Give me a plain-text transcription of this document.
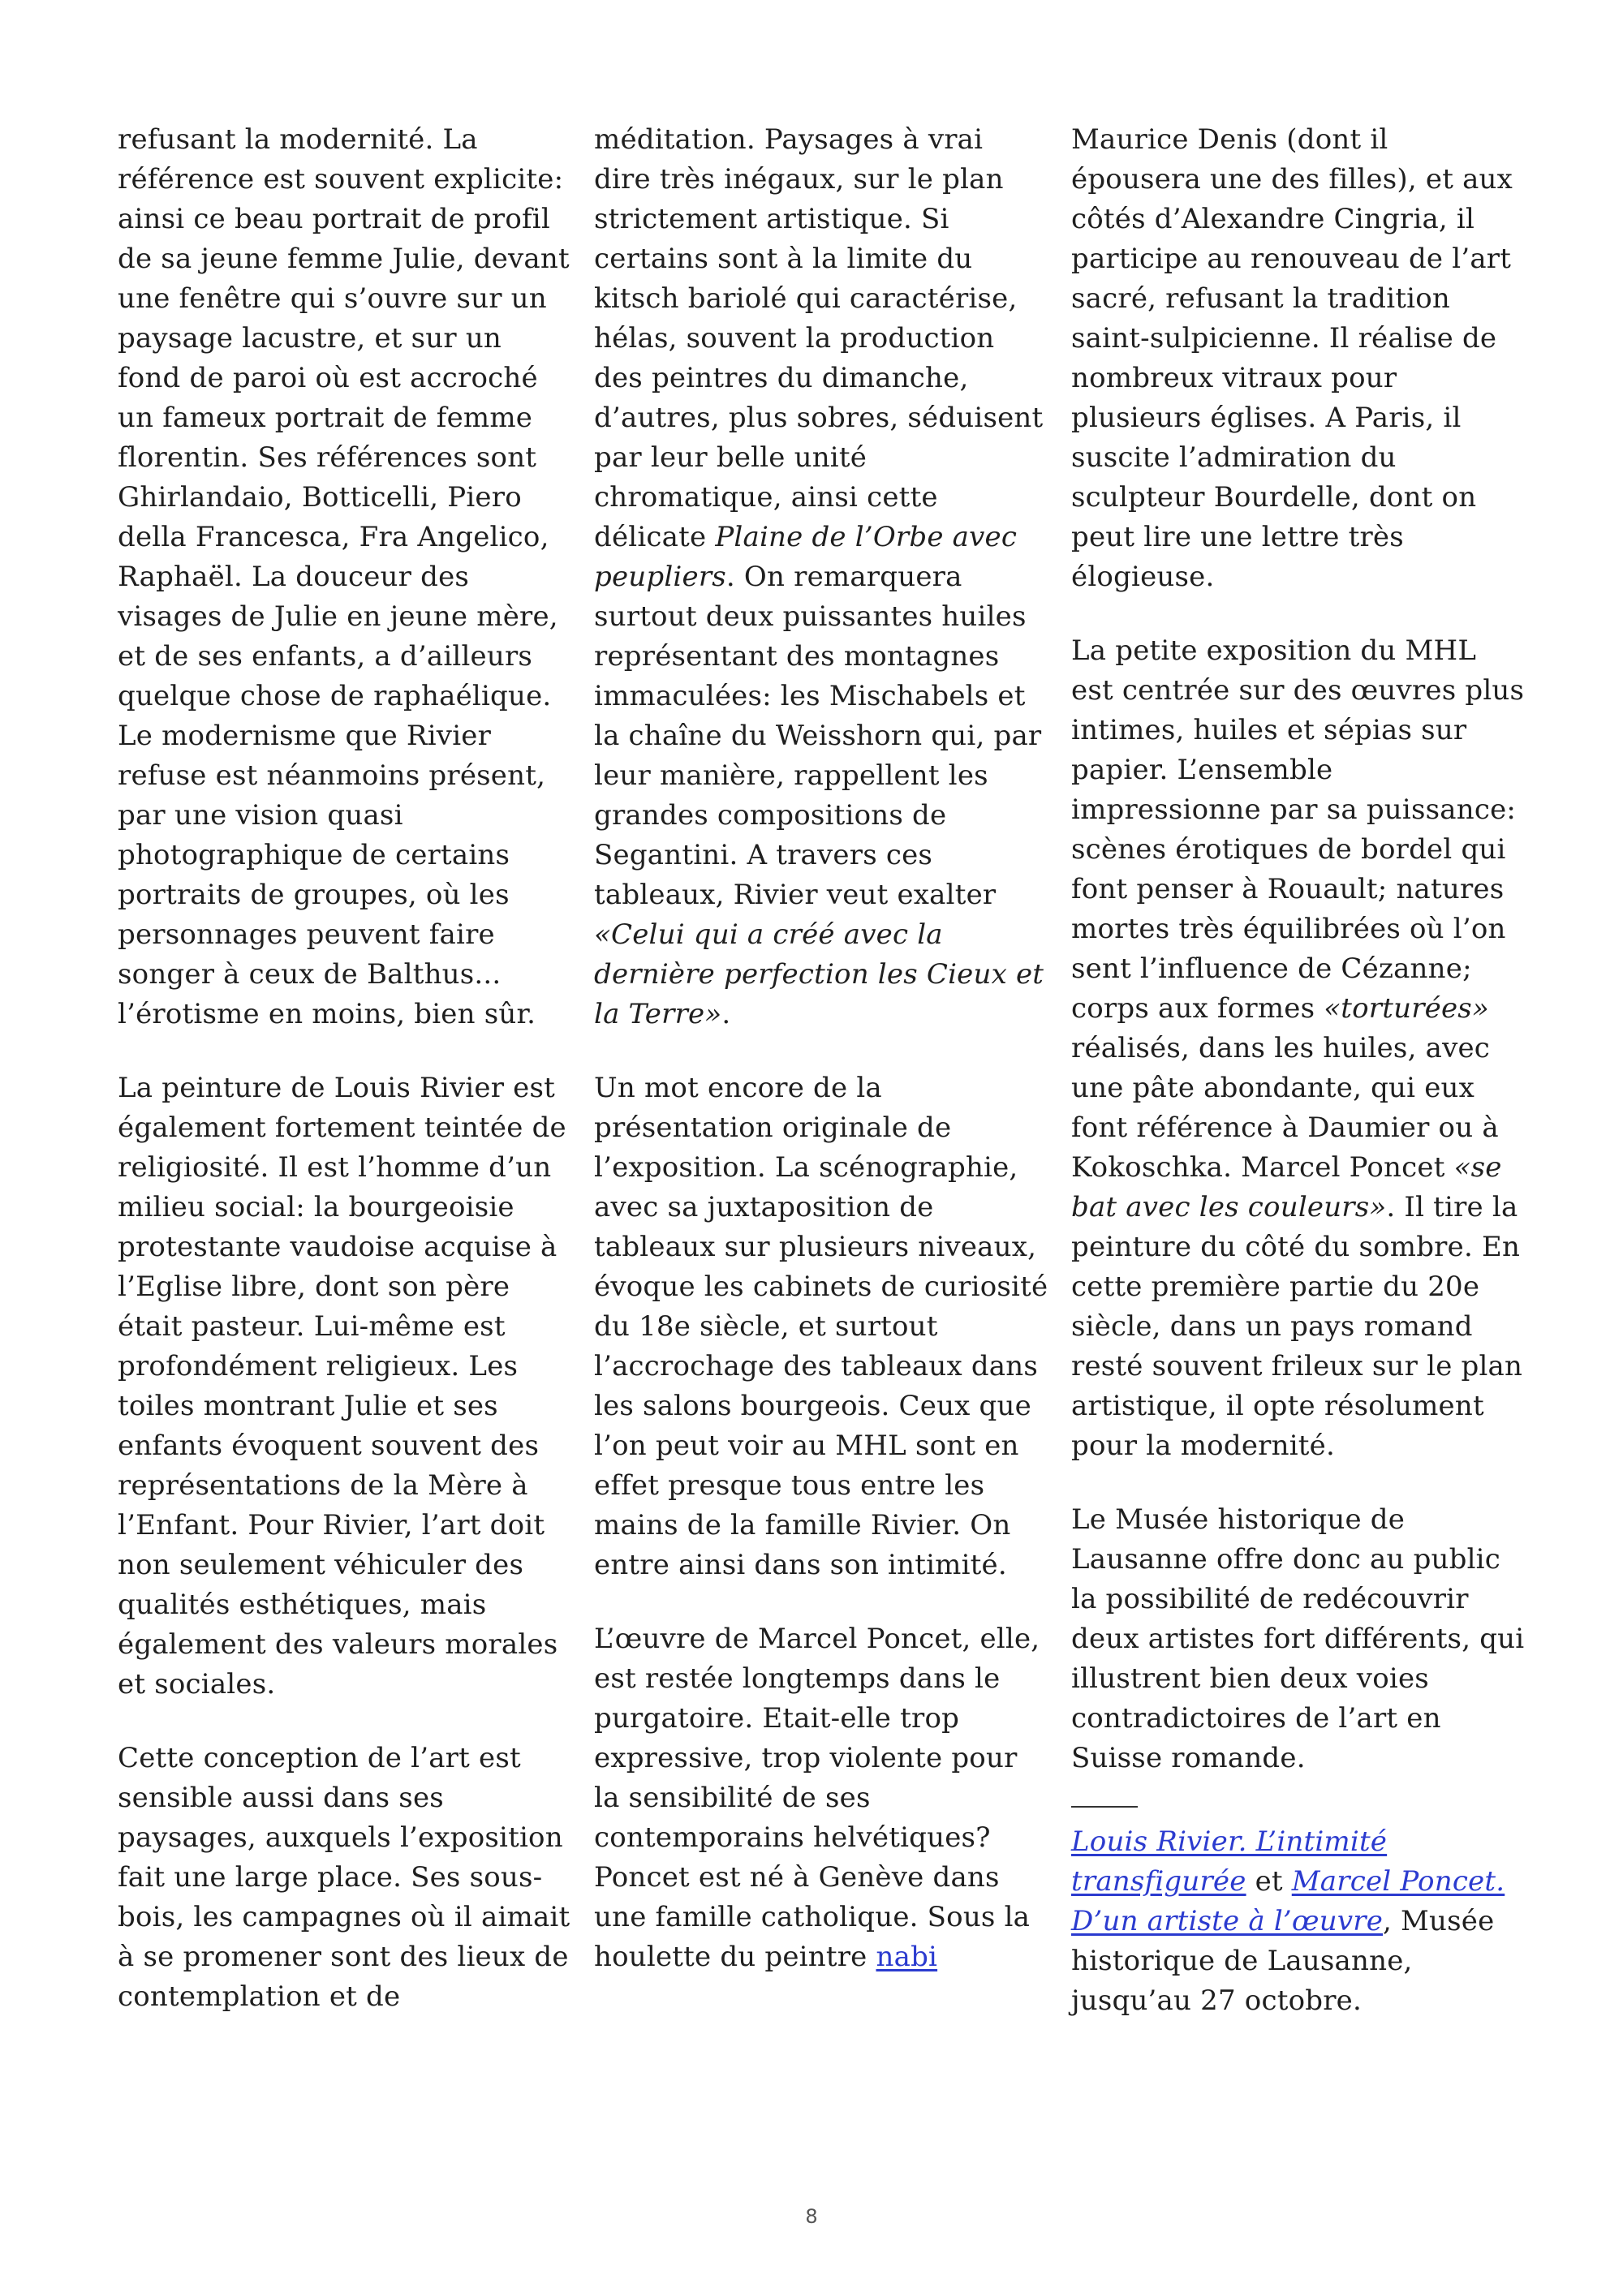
refusant la modernité. La référence est souvent explicite: ainsi ce beau portrait de profil de sa jeune femme Julie, devant une fenêtre qui s’ouvre sur un paysage lacustre, et sur un fond de paroi où est accroché un fameux portrait de femme florentin. Ses références sont Ghirlandaio, Botticelli, Piero della Francesca, Fra Angelico, Raphaël. La douceur des visages de Julie en jeune mère, et de ses enfants, a d’ailleurs quelque chose de raphaélique. Le modernisme que Rivier refuse est néanmoins présent, par une vision quasi photographique de certains portraits de groupes, où les personnages peuvent faire songer à ceux de Balthus... l’érotisme en moins, bien sûr.

La peinture de Louis Rivier est également fortement teintée de religiosité. Il est l’homme d’un milieu social: la bourgeoisie protestante vaudoise acquise à l’Eglise libre, dont son père était pasteur. Lui-même est profondément religieux. Les toiles montrant Julie et ses enfants évoquent souvent des représentations de la Mère à l’Enfant. Pour Rivier, l’art doit non seulement véhiculer des qualités esthétiques, mais également des valeurs morales et sociales.

Cette conception de l’art est sensible aussi dans ses paysages, auxquels l’exposition fait une large place. Ses sous-bois, les campagnes où il aimait à se promener sont des lieux de contemplation et de

méditation. Paysages à vrai dire très inégaux, sur le plan strictement artistique. Si certains sont à la limite du kitsch bariolé qui caractérise, hélas, souvent la production des peintres du dimanche, d’autres, plus sobres, séduisent par leur belle unité chromatique, ainsi cette délicate Plaine de l’Orbe avec peupliers. On remarquera surtout deux puissantes huiles représentant des montagnes immaculées: les Mischabels et la chaîne du Weisshorn qui, par leur manière, rappellent les grandes compositions de Segantini. A travers ces tableaux, Rivier veut exalter «Celui qui a créé avec la dernière perfection les Cieux et la Terre».

Un mot encore de la présentation originale de l’exposition. La scénographie, avec sa juxtaposition de tableaux sur plusieurs niveaux, évoque les cabinets de curiosité du 18e siècle, et surtout l’accrochage des tableaux dans les salons bourgeois. Ceux que l’on peut voir au MHL sont en effet presque tous entre les mains de la famille Rivier. On entre ainsi dans son intimité.

L’œuvre de Marcel Poncet, elle, est restée longtemps dans le purgatoire. Etait-elle trop expressive, trop violente pour la sensibilité de ses contemporains helvétiques? Poncet est né à Genève dans une famille catholique. Sous la houlette du peintre nabi

Maurice Denis (dont il épousera une des filles), et aux côtés d’Alexandre Cingria, il participe au renouveau de l’art sacré, refusant la tradition saint-sulpicienne. Il réalise de nombreux vitraux pour plusieurs églises. A Paris, il suscite l’admiration du sculpteur Bourdelle, dont on peut lire une lettre très élogieuse.

La petite exposition du MHL est centrée sur des œuvres plus intimes, huiles et sépias sur papier. L’ensemble impressionne par sa puissance: scènes érotiques de bordel qui font penser à Rouault; natures mortes très équilibrées où l’on sent l’influence de Cézanne; corps aux formes «torturées» réalisés, dans les huiles, avec une pâte abondante, qui eux font référence à Daumier ou à Kokoschka. Marcel Poncet «se bat avec les couleurs». Il tire la peinture du côté du sombre. En cette première partie du 20e siècle, dans un pays romand resté souvent frileux sur le plan artistique, il opte résolument pour la modernité.

Le Musée historique de Lausanne offre donc au public la possibilité de redécouvrir deux artistes fort différents, qui illustrent bien deux voies contradictoires de l’art en Suisse romande.

Louis Rivier. L’intimité transfigurée et Marcel Poncet. D’un artiste à l’œuvre, Musée historique de Lausanne, jusqu’au 27 octobre.

8
